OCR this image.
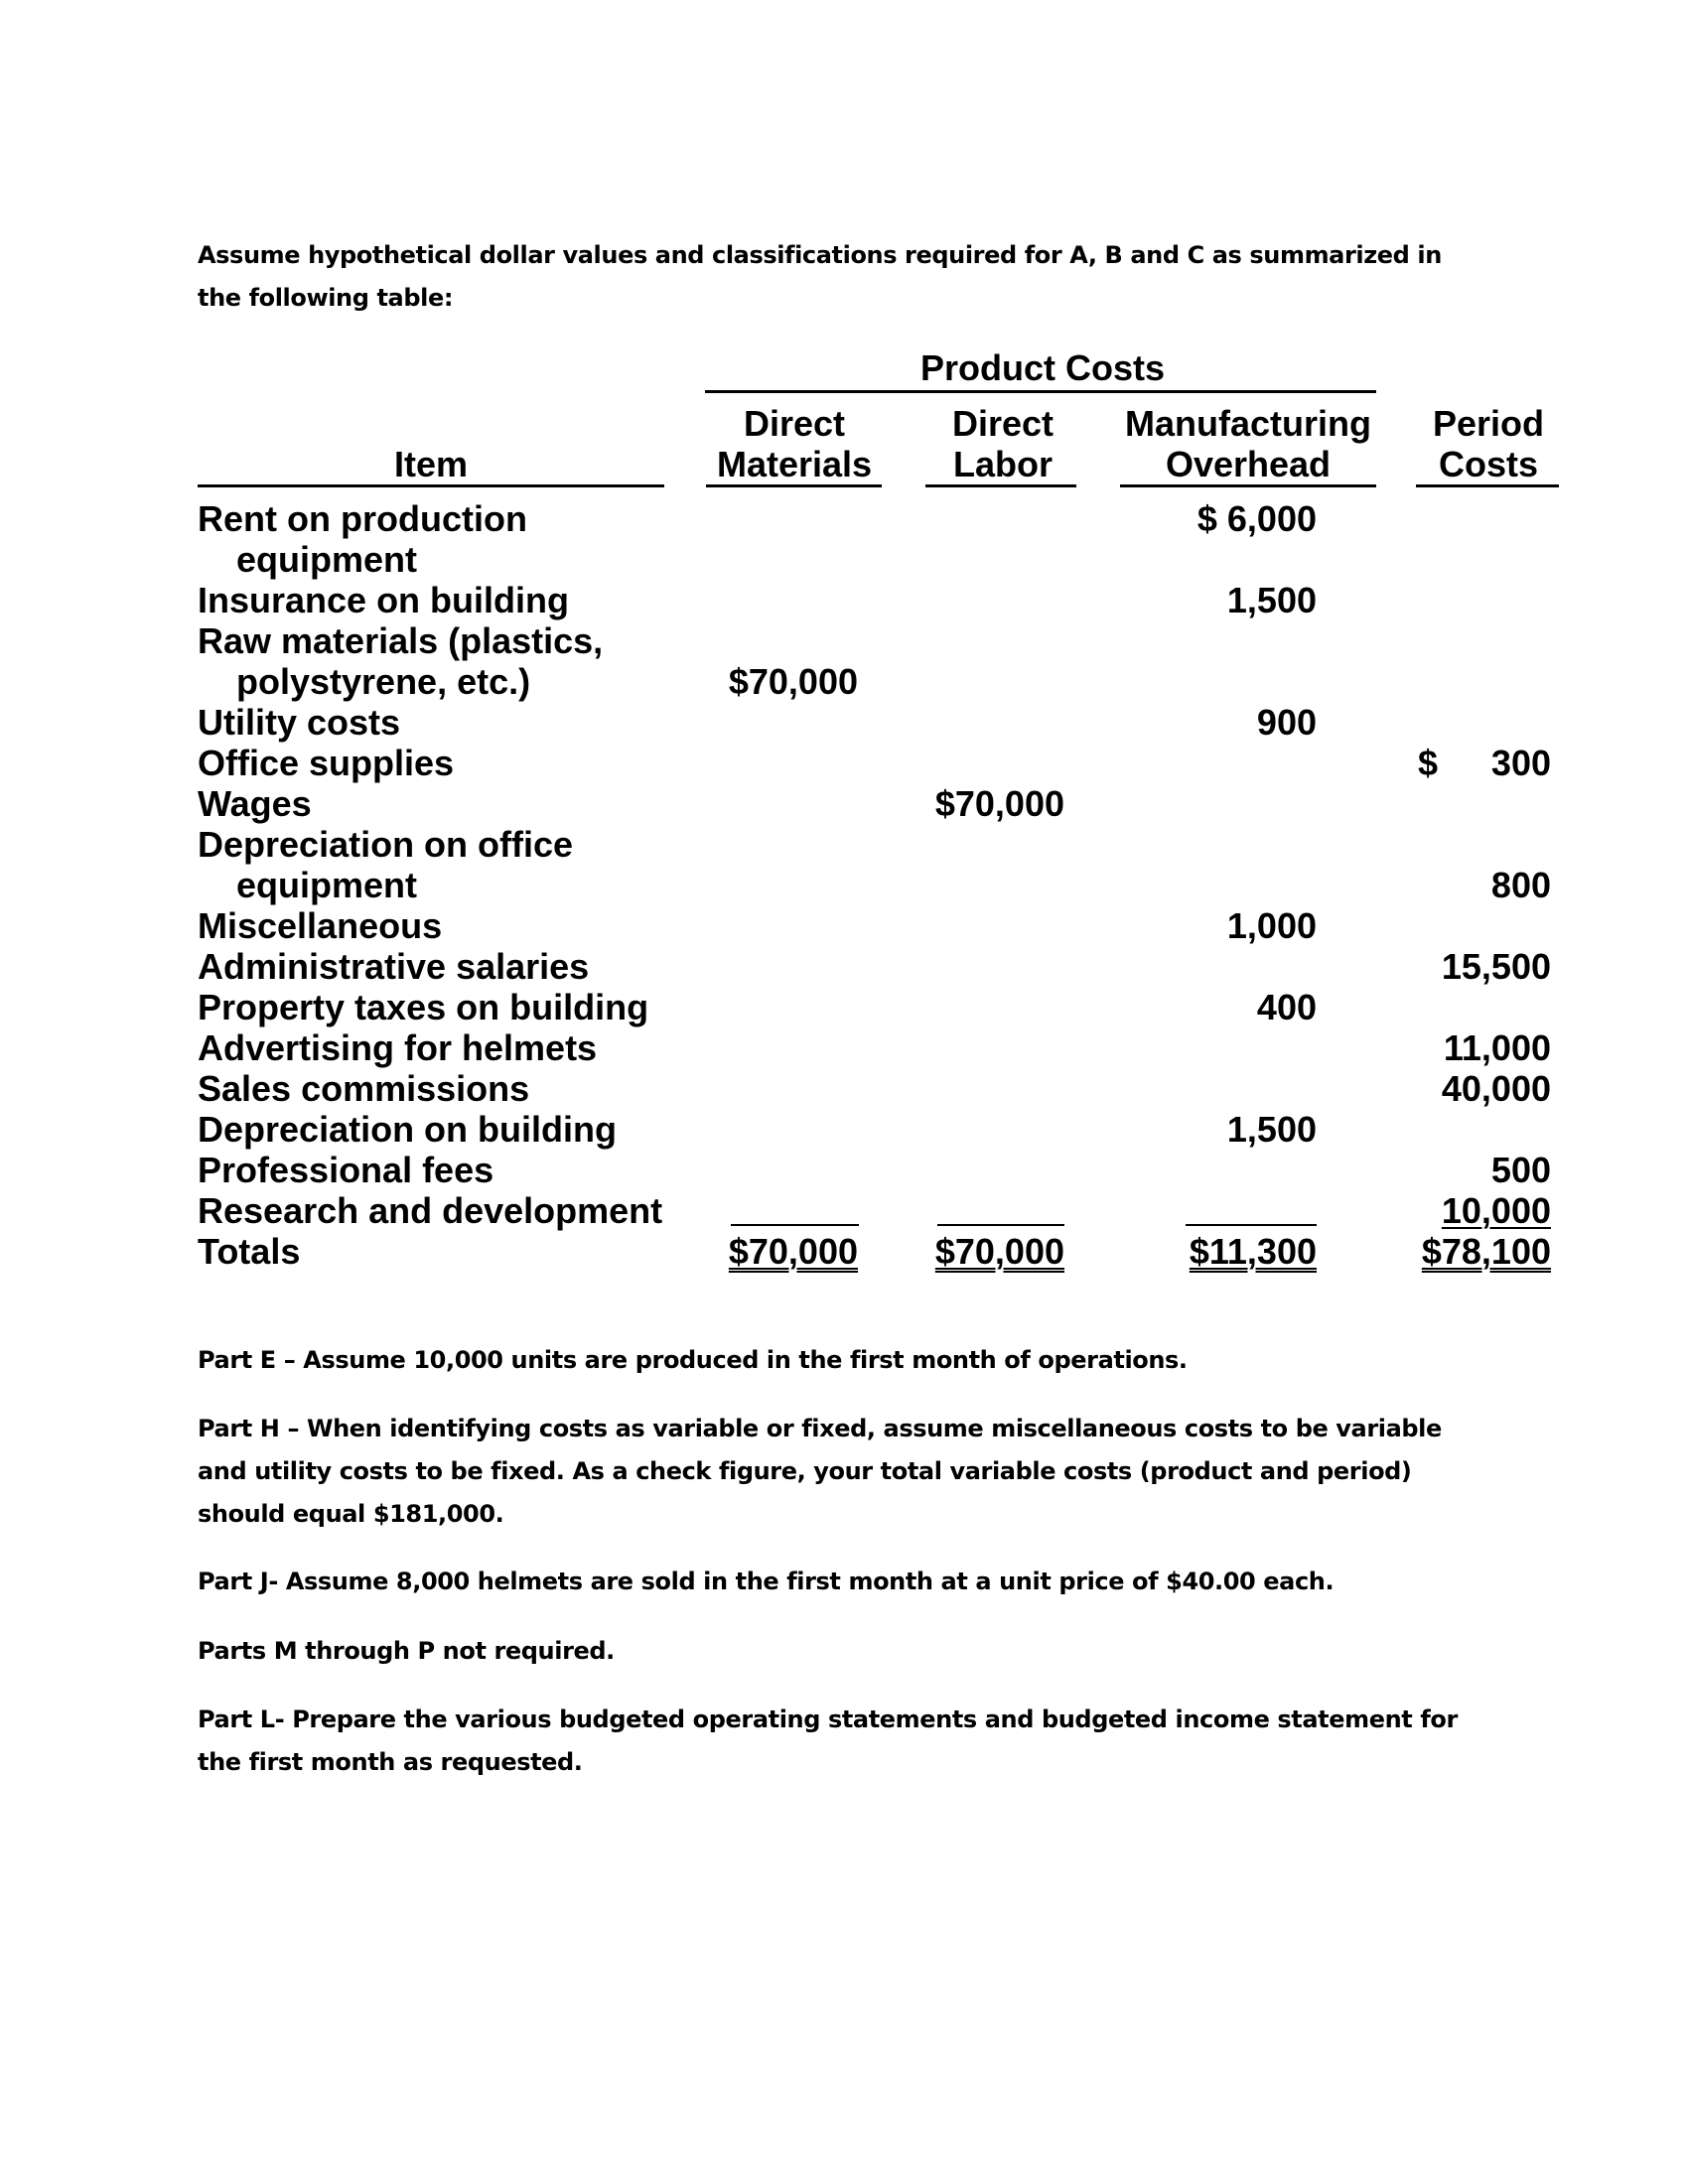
Assume hypothetical dollar values and classifications required for A, B and C as summarized in the following table:
Product Costs
Item
Direct
Materials
Direct
Labor
Manufacturing
Overhead
Period
Costs
Rent on production
equipment
Insurance on building
Raw materials (plastics,
polystyrene, etc.)
Utility costs
Office supplies
Wages
Depreciation on office
equipment
Miscellaneous
Administrative salaries
Property taxes on building
Advertising for helmets
Sales commissions
Depreciation on building
Professional fees
Research and development
Totals
$ 6,000
1,500
900
1,000
400
1,500
$70,000
$70,000
$ 300
800
15,500
11,000
40,000
500
10,000
$70,000 $70,000	$11,300	$78,100
Part E – Assume 10,000 units are produced in the first month of operations.
Part H – When identifying costs as variable or fixed, assume miscellaneous costs to be variable and utility costs to be fixed. As a check figure, your total variable costs (product and period) should equal $181,000.
Part J- Assume 8,000 helmets are sold in the first month at a unit price of $40.00 each.
Parts M through P not required.
Part L- Prepare the various budgeted operating statements and budgeted income statement for the first month as requested.
